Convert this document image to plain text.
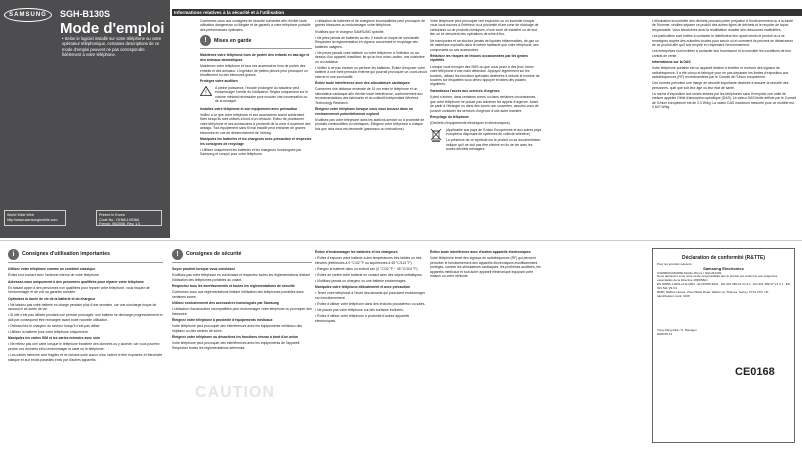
SAMSUNG	SGH-B130S
Mode d'emploi
• Selon le logiciel installé sur votre téléphone ou votre opérateur téléphonique, certaines descriptions de ce mode d'emploi peuvent ne pas correspondre fidèlement à votre téléphone.
World Wide Web
http://www.samsungmobile.com
Printed in Korea
Code No.: GH68-19938A
French. 06/2008. Rev. 1.0
Informations relatives à la sécurité et à l'utilisation

Conformez-vous aux consignes de sécurité suivantes afin d'éviter toute utilisation dangereuse ou illégale et de garantir à votre téléphone portable des performances optimales.

!	Mises en garde

Maintenez votre téléphone hors de portée des enfants en bas âge et des animaux domestiques

Maintenez votre téléphone et tous ses accessoires hors de portée des enfants et des animaux. L'ingestion de petites pièces peut provoquer un étouffement ou des blessures graves.

Protégez votre audition

!
À pleine puissance, l'écoute prolongée du baladeur peut endommager l'oreille de l'utilisateur. Réglez uniquement sur le volume minimal nécessaire pour écouter une conversation ou de la musique.

Installez votre téléphone et son équipement avec précaution

Veillez à ce que votre téléphone et ses accessoires soient solidement fixés lorsqu'ils sont utilisés à bord d'un véhicule. Évitez de positionner votre téléphone et ses accessoires à proximité de la zone d'ouverture des airbags. Tout équipement sans fil mal installé peut entraîner de graves blessures en cas de déclenchement de l'airbag.

Manipulez les batteries et les chargeurs avec précaution et respectez les consignes de recyclage

• Utilisez uniquement les batteries et les chargeurs homologués par Samsung et conçus pour votre téléphone.

L'utilisation de batteries et de chargeurs incompatibles peut provoquer de graves blessures ou endommager votre téléphone.

N'utilisez que le chargeur SAMSUNG spécifié.

• Ne jetez jamais de batteries au feu. Il existe un risque de surchauffe. Respectez la réglementation en vigueur concernant le recyclage des batteries usagées.

• Ne posez jamais votre batterie ou votre téléphone à l'intérieur ou au-dessus d'un appareil chauffant, tel qu'un four micro-ondes, une cuisinière ou un radiateur.

• Veillez à ne pas écraser ou perforer les batteries. Évitez d'exposer votre batterie à une forte pression externe qui pourrait provoquer un court-circuit interne et une surchauffe.

Évitez toute interférence avec des stimulateurs cardiaques

Conservez une distance minimale de 15 cm entre le téléphone et un stimulateur cardiaque afin d'éviter toute interférence, conformément aux recommandations des fabricants et du collectif indépendant Wireless Technology Research.

Éteignez votre téléphone lorsque vous vous trouvez dans un environnement potentiellement explosif

N'utilisez pas votre téléphone dans les stations-service ou à proximité de produits combustibles ou chimiques. Éteignez votre téléphone à chaque fois que cela vous est demandé (panneaux ou instructions).

Votre téléphone peut provoquer une explosion ou un incendie lorsque vous vous trouvez à l'intérieur ou à proximité d'une zone de stockage de carburants ou de produits chimiques, d'une zone de transfert ou de tout lieu où se déroulent des opérations de mise à feu.

Ne transportez et ne stockez jamais de liquides inflammables, de gaz ou de matériaux explosifs dans le même habitacle que votre téléphone, ses composants ou ses accessoires.

Réduisez les risques de lésions occasionnées par les gestes répétitifs

Lorsque vous envoyez des SMS ou que vous jouez à des jeux, tenez votre téléphone d'une main détendue. Appuyez légèrement sur les touches, utilisez les fonctions spéciales destinées à réduire le nombre de touches sur lesquelles vous devez appuyer et faites des pauses régulières.

Garantissez l'accès aux services d'urgence

Il peut s'avérer, dans certaines zones ou dans certaines circonstances, que votre téléphone ne puisse pas autoriser les appels d'urgence. Avant de partir à l'étranger ou dans des zones non couvertes, assurez-vous de pouvoir contacter les services d'urgence d'une autre manière.

Recyclage du téléphone

(Déchets d'équipements électriques et électroniques)

(Applicable aux pays de l'Union Européenne et aux autres pays européens disposant de systèmes de collecte sélective)

La présence de ce symbole sur le produit ou sa documentation indique qu'il ne doit pas être éliminé en fin de vie avec les autres déchets ménagers.

L'élimination incontrôlée des déchets pouvant porter préjudice à l'environnement ou à la santé de l'homme, veuillez séparer ce produit des autres types de déchets et le recycler de façon responsable. Vous favoriserez ainsi la réutilisation durable des ressources matérielles.

Les particuliers sont invités à contacter le distributeur leur ayant vendu le produit ou à se renseigner auprès des autorités locales pour savoir où et comment ils peuvent se débarrasser de ce produit afin qu'il soit recyclé en respectant l'environnement.

Les entreprises sont invitées à contacter leur fournisseur et à consulter les conditions de leur contrat de vente.

Informations sur la DAS

Votre téléphone portable est un appareil destiné à émettre et recevoir des signaux de radiofréquence. Il a été conçu et fabriqué pour ne pas dépasser les limites d'exposition aux radiofréquences (RF) recommandées par le Conseil de l'Union européenne.

Ces normes prévoient une marge de sécurité importante destinée à assurer la sécurité des personnes, quel que soit leur âge ou leur état de santé.

La norme d'exposition aux ondes émises par les téléphones sans fil emploie une unité de mesure appelée Débit d'absorption spécifique (DAS). La valeur DAS limite définie par le Conseil de l'Union européenne est de 2,0 W/kg. La valeur DAS maximum mesurée pour ce modèle est 0,647 W/kg.

i	Consignes d'utilisation importantes

Utilisez votre téléphone comme un combiné classique

Évitez tout contact avec l'antenne interne de votre téléphone.

Adressez-vous uniquement à des personnes qualifiées pour réparer votre téléphone

En faisant appel à des personnes non qualifiées pour réparer votre téléphone, vous risquez de l'endommager et de voir sa garantie annulée.

Optimisez la durée de vie de la batterie et du chargeur

• Ne laissez pas votre batterie en charge pendant plus d'une semaine, car une surcharge risque de raccourcir sa durée de vie.

• Si elle n'est pas utilisée pendant une période prolongée, une batterie se décharge progressivement et doit par conséquent être rechargée avant toute nouvelle utilisation.

• Débranchez le chargeur du secteur lorsqu'il n'est pas utilisé.

• Utilisez la batterie pour votre téléphone uniquement.

Manipulez les cartes SIM et les cartes mémoire avec soin

• Ne retirez pas une carte lorsque le téléphone transfère des données ou y accède, car vous pourriez perdre vos données et/ou endommager la carte ou le téléphone.

• Les cartes mémoire sont fragiles et ne doivent subir aucun choc violent ni être exposées à l'électricité statique et aux bruits parasites émis par d'autres appareils.

!	Consignes de sécurité

Soyez prudent lorsque vous conduisez

N'utilisez pas votre téléphone en conduisant et respectez toutes les réglementations limitant l'utilisation des téléphones portables au volant.

Respectez tous les avertissements et toutes les réglementations de sécurité

Conformez-vous aux réglementations limitant l'utilisation des téléphones portables dans certaines zones.

Utilisez exclusivement des accessoires homologués par Samsung

L'utilisation d'accessoires incompatibles peut endommager votre téléphone ou provoquer des blessures.

Éteignez votre téléphone à proximité d'équipements médicaux

Votre téléphone peut provoquer des interférences avec les équipements médicaux des hôpitaux ou des centres de soins.

Éteignez votre téléphone ou désactivez les fonctions réseau à bord d'un avion

Votre téléphone peut provoquer des interférences avec les équipements de l'appareil. Respectez toutes les réglementations aériennes.

CAUTION

Évitez d'endommager les batteries et les chargeurs

• Évitez d'exposer votre batterie à des températures très faibles ou très élevées (inférieures à 0 °C/32 °F ou supérieures à 45 °C/113 °F).

• Rangez la batterie dans un endroit sec (0 °C/32 °F ~ 45 °C/104 °F).

• Évitez de mettre votre batterie en contact avec des objets métalliques.

• N'utilisez jamais un chargeur ou une batterie endommagés.

Manipulez votre téléphone délicatement et avec précaution

• Tenez votre téléphone à l'écart des aimants qui pourraient endommager son fonctionnement.

• Évitez d'utiliser votre téléphone dans des endroits poussiéreux ou sales.

• Ne placez pas votre téléphone sur des surfaces inclinées.

• Évitez d'utiliser votre téléphone à proximité d'autres appareils électroniques.

Évitez toute interférence avec d'autres appareils électroniques

Votre téléphone émet des signaux de radiofréquence (RF) qui peuvent perturber le fonctionnement des appareils électroniques insuffisamment protégés, comme les stimulateurs cardiaques, les prothèses auditives, les appareils médicaux et tout autre appareil électronique équipant votre maison ou votre véhicule.

Déclaration de conformité (R&TTE)

Pour les produits suivants :

Samsung Electronics

GSM900/GSM1800 Mobile Phone / SGH-B130S

Nous déclarons sous notre seule responsabilité que le produit est conforme aux exigences essentielles de la Directive 1999/5/EC.

EN 60950-1:2001+A11:2004 · EN 50360:2001 · EN 301 489-01 V1.6.1 · EN 301 489-07 V1.3.1 · EN 301 511 V9.0.2

BABT, Balfour House, Churchfield Road, Walton-on-Thames, Surrey, KT12 2TD, UK

Identification mark: 0168

CE0168

Yong-Sang Park / S. Manager

2008.05.14
